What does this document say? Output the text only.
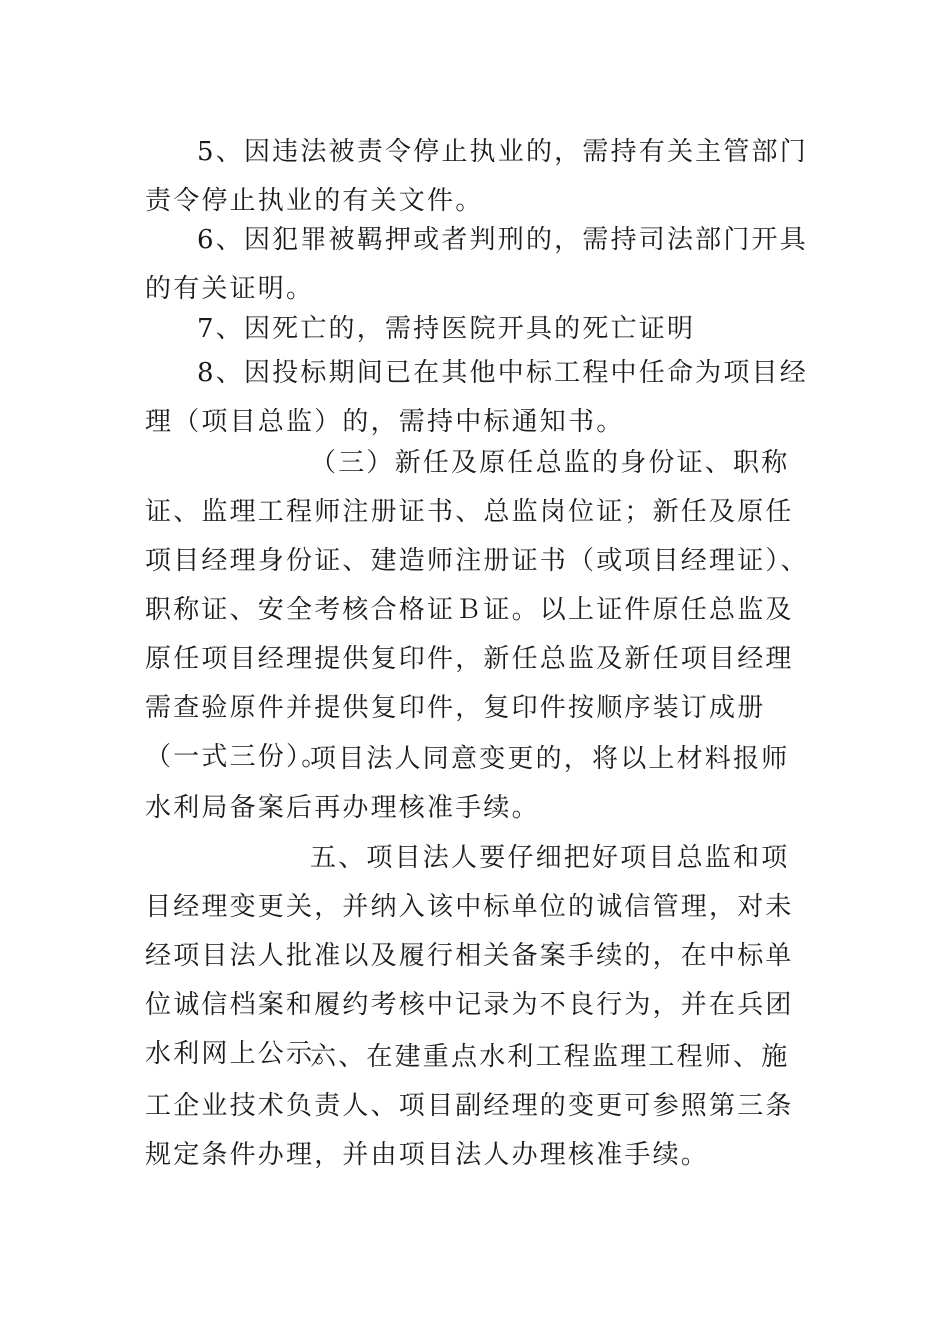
5、因违法被责令停止执业的，需持有关主管部门责令停止执业的有关文件。

6、因犯罪被羁押或者判刑的，需持司法部门开具的有关证明。

7、因死亡的，需持医院开具的死亡证明

8、因投标期间已在其他中标工程中任命为项目经理（项目总监）的，需持中标通知书。

（三）新任及原任总监的身份证、职称证、监理工程师注册证书、总监岗位证；新任及原任项目经理身份证、建造师注册证书（或项目经理证）、职称证、安全考核合格证Ｂ证。以上证件原任总监及原任项目经理提供复印件，新任总监及新任项目经理需查验原件并提供复印件，复印件按顺序装订成册（一式三份）。

项目法人同意变更的，将以上材料报师水利局备案后再办理核准手续。

五、项目法人要仔细把好项目总监和项目经理变更关，并纳入该中标单位的诚信管理，对未经项目法人批准以及履行相关备案手续的，在中标单位诚信档案和履约考核中记录为不良行为，并在兵团水利网上公示。

六、在建重点水利工程监理工程师、施工企业技术负责人、项目副经理的变更可参照第三条规定条件办理，并由项目法人办理核准手续。
